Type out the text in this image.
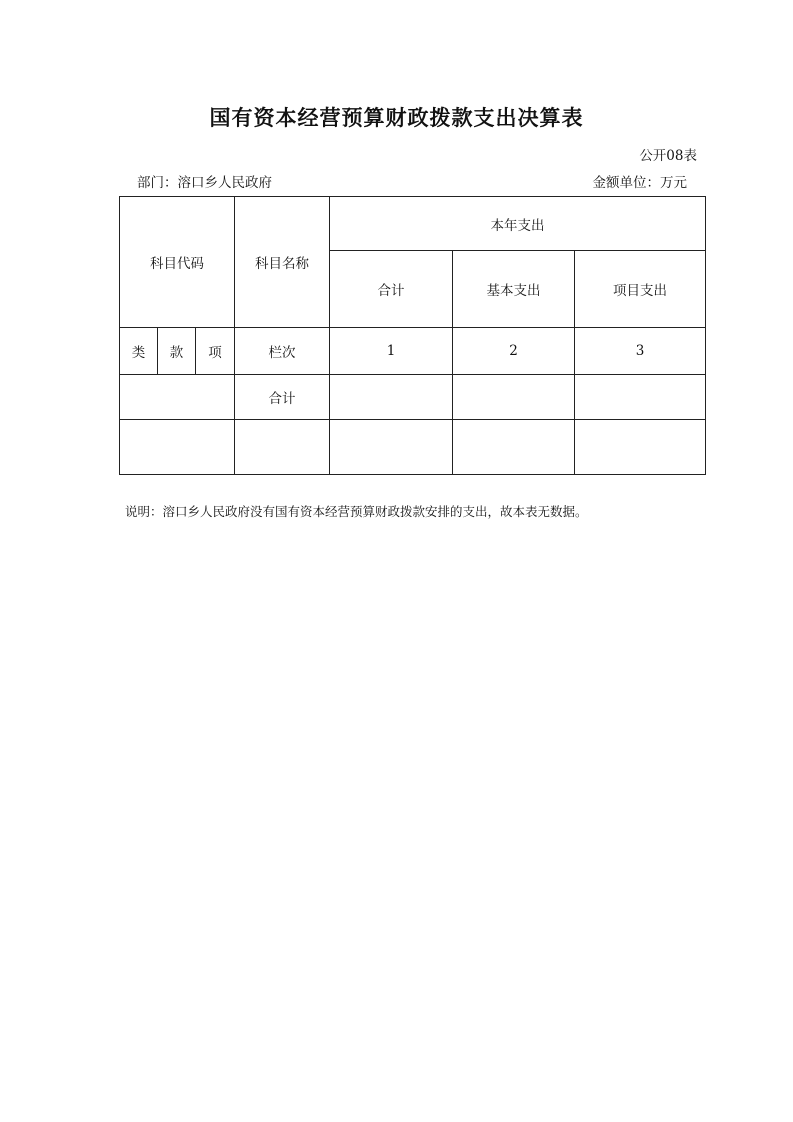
国有资本经营预算财政拨款支出决算表
公开08表
部门：溶口乡人民政府	金额单位：万元
科目代码			科目名称	本年支出		
				合计	基本支出	项目支出
类	款	项	栏次	1	2	3
			合计			

说明：溶口乡人民政府没有国有资本经营预算财政拨款安排的支出，故本表无数据。
